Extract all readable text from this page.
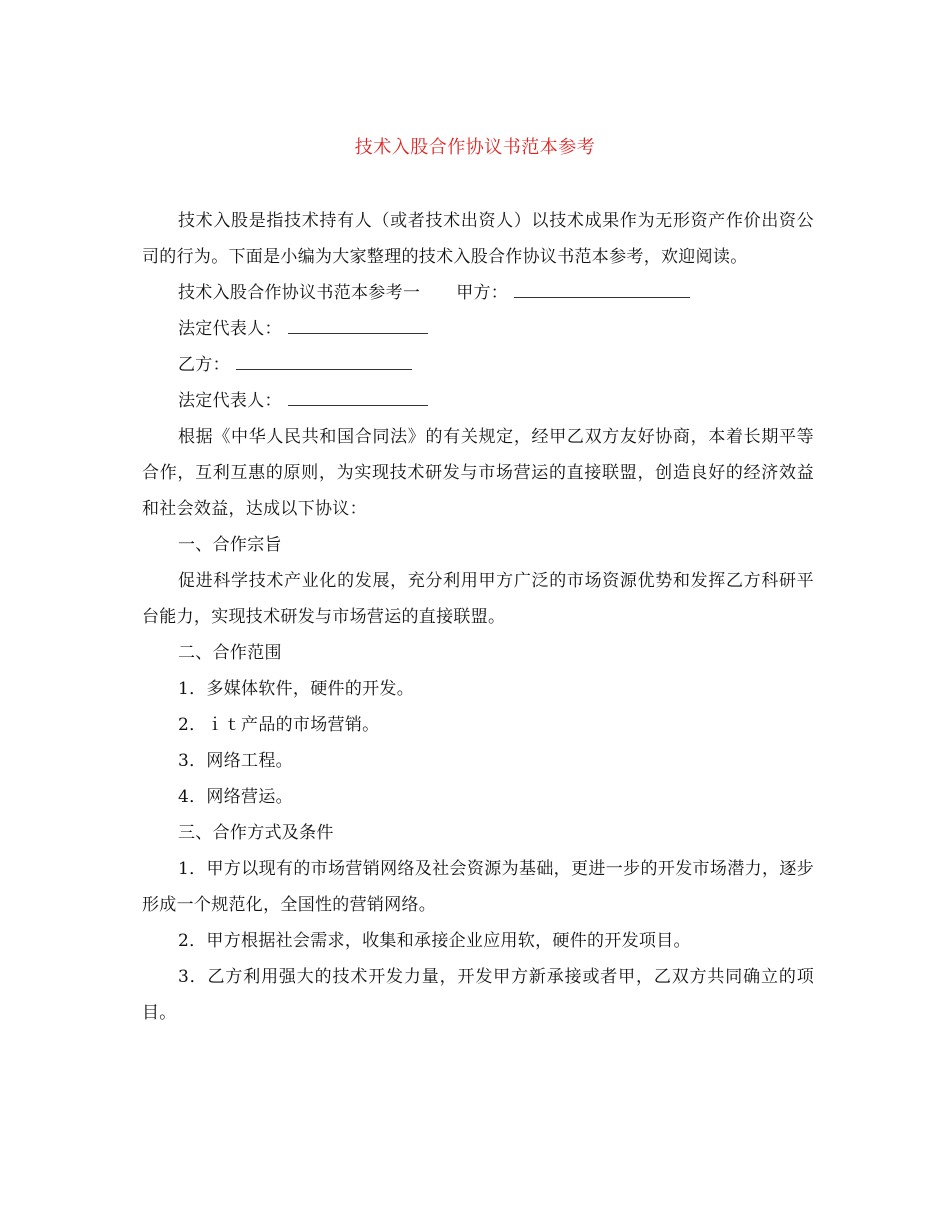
技术入股合作协议书范本参考

技术入股是指技术持有人（或者技术出资人）以技术成果作为无形资产作价出资公司的行为。下面是小编为大家整理的技术入股合作协议书范本参考，欢迎阅读。

技术入股合作协议书范本参考一 甲方：

法定代表人：

乙方：

法定代表人：

根据《中华人民共和国合同法》的有关规定，经甲乙双方友好协商，本着长期平等合作，互利互惠的原则，为实现技术研发与市场营运的直接联盟，创造良好的经济效益和社会效益，达成以下协议：

一、合作宗旨

促进科学技术产业化的发展，充分利用甲方广泛的市场资源优势和发挥乙方科研平台能力，实现技术研发与市场营运的直接联盟。

二、合作范围

1．多媒体软件，硬件的开发。

2．ｉｔ产品的市场营销。

3．网络工程。

4．网络营运。

三、合作方式及条件

1．甲方以现有的市场营销网络及社会资源为基础，更进一步的开发市场潜力，逐步形成一个规范化，全国性的营销网络。

2．甲方根据社会需求，收集和承接企业应用软，硬件的开发项目。

3．乙方利用强大的技术开发力量，开发甲方新承接或者甲，乙双方共同确立的项目。
